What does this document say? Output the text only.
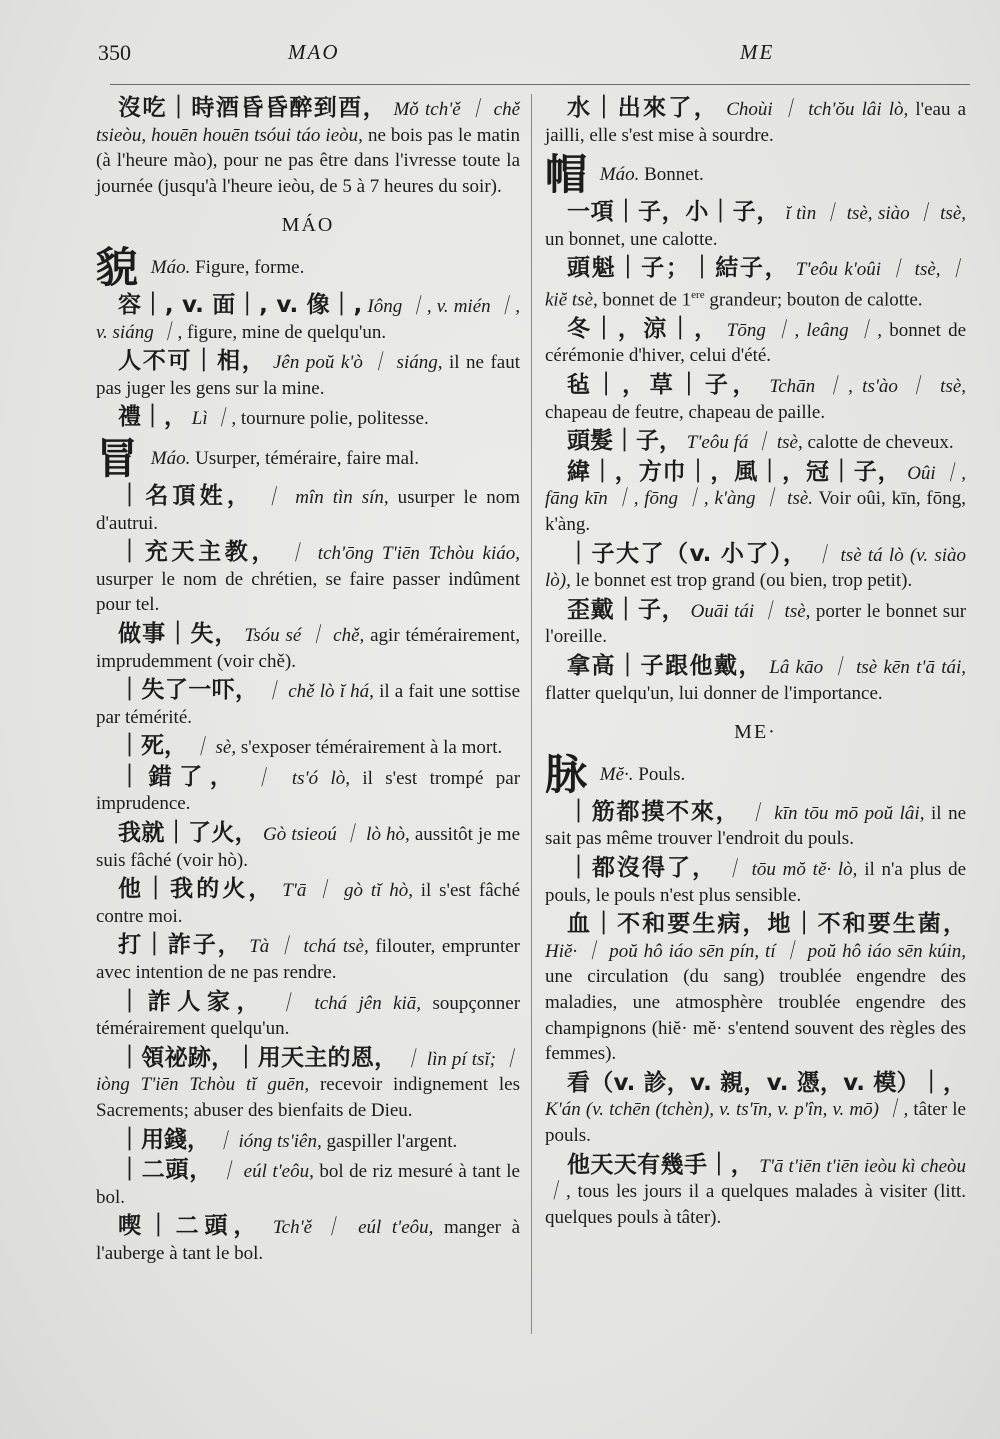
350	MAO	ME

沒吃｜時酒昏昏醉到酉， Mǒ tch'ě ｜ chě tsieòu, houēn houēn tsóui táo ieòu, ne bois pas le matin (à l'heure mào), pour ne pas être dans l'ivresse toute la journée (jusqu'à l'heure ieòu, de 5 à 7 heures du soir).

MÁO
貌 Máo. Figure, forme.

容｜, v. 面｜, v. 像｜, Iông ｜, v. mién ｜, v. siáng ｜, figure, mine de quelqu'un.

人不可｜相， Jên poŭ k'ò ｜ siáng, il ne faut pas juger les gens sur la mine.

禮｜， Lì ｜, tournure polie, politesse.

冒 Máo. Usurper, téméraire, faire mal.

｜名頂姓， ｜ mîn tìn sín, usurper le nom d'autrui.

｜充天主教， ｜ tch'ōng T'iēn Tchòu kiáo, usurper le nom de chrétien, se faire passer indûment pour tel.

做事｜失， Tsóu sé ｜ chě, agir témérairement, imprudemment (voir chě).

｜失了一吓， ｜ chě lò ĭ há, il a fait une sottise par témérité.

｜死， ｜ sè, s'exposer témérairement à la mort.

｜錯了， ｜ ts'ó lò, il s'est trompé par imprudence.

我就｜了火， Gò tsieoú ｜ lò hò, aussitôt je me suis fâché (voir hò).

他｜我的火， T'ā ｜ gò tĭ hò, il s'est fâché contre moi.

打｜詐子， Tà ｜ tchá tsè, filouter, emprunter avec intention de ne pas rendre.

｜詐人家， ｜ tchá jên kiā, soupçonner témérairement quelqu'un.

｜領祕跡，｜用天主的恩， ｜ lìn pí tsĭ; ｜ iòng T'iēn Tchòu tĭ guēn, recevoir indignement les Sacrements; abuser des bienfaits de Dieu.

｜用錢， ｜ ióng ts'iên, gaspiller l'argent.

｜二頭， ｜ eúl t'eôu, bol de riz mesuré à tant le bol.

喫｜二頭， Tch'ě ｜ eúl t'eôu, manger à l'auberge à tant le bol.

水｜出來了， Choùi ｜ tch'ŏu lâi lò, l'eau a jailli, elle s'est mise à sourdre.

帽 Máo. Bonnet.

一項｜子，小｜子， ĭ tìn ｜ tsè, siào ｜ tsè, un bonnet, une calotte.

頭魁｜子；｜結子， T'eôu k'oûi ｜ tsè, ｜ kiĕ tsè, bonnet de 1ere grandeur; bouton de calotte.

冬｜，涼｜， Tōng ｜, leâng ｜, bonnet de cérémonie d'hiver, celui d'été.

毡｜，草｜子， Tchān ｜, ts'ào ｜ tsè, chapeau de feutre, chapeau de paille.

頭髮｜子， T'eôu fá ｜ tsè, calotte de cheveux.

緯｜，方巾｜，風｜，冠｜子， Oûi ｜, fāng kīn ｜, fōng ｜, k'àng ｜ tsè. Voir oûi, kīn, fōng, k'àng.

｜子大了（v. 小了）， ｜ tsè tá lò (v. siào lò), le bonnet est trop grand (ou bien, trop petit).

歪戴｜子， Ouāi tái ｜ tsè, porter le bonnet sur l'oreille.

拿高｜子跟他戴， Lâ kāo ｜ tsè kēn t'ā tái, flatter quelqu'un, lui donner de l'importance.

ME·
脉 Mĕ·. Pouls.

｜筋都摸不來， ｜ kīn tōu mō poŭ lâi, il ne sait pas même trouver l'endroit du pouls.

｜都沒得了， ｜ tōu mŏ tĕ· lò, il n'a plus de pouls, le pouls n'est plus sensible.

血｜不和要生病，地｜不和要生菌， Hiĕ· ｜ poŭ hô iáo sēn pín, tí ｜ poŭ hô iáo sēn kúin, une circulation (du sang) troublée engendre des maladies, une atmosphère troublée engendre des champignons (hiĕ· mĕ· s'entend souvent des règles des femmes).

看（v. 診，v. 親，v. 憑，v. 模）｜， K'án (v. tchēn (tchèn), v. ts'īn, v. p'în, v. mō) ｜, tâter le pouls.

他天天有幾手｜， T'ā t'iēn t'iēn ieòu kì cheòu ｜, tous les jours il a quelques malades à visiter (litt. quelques pouls à tâter).
